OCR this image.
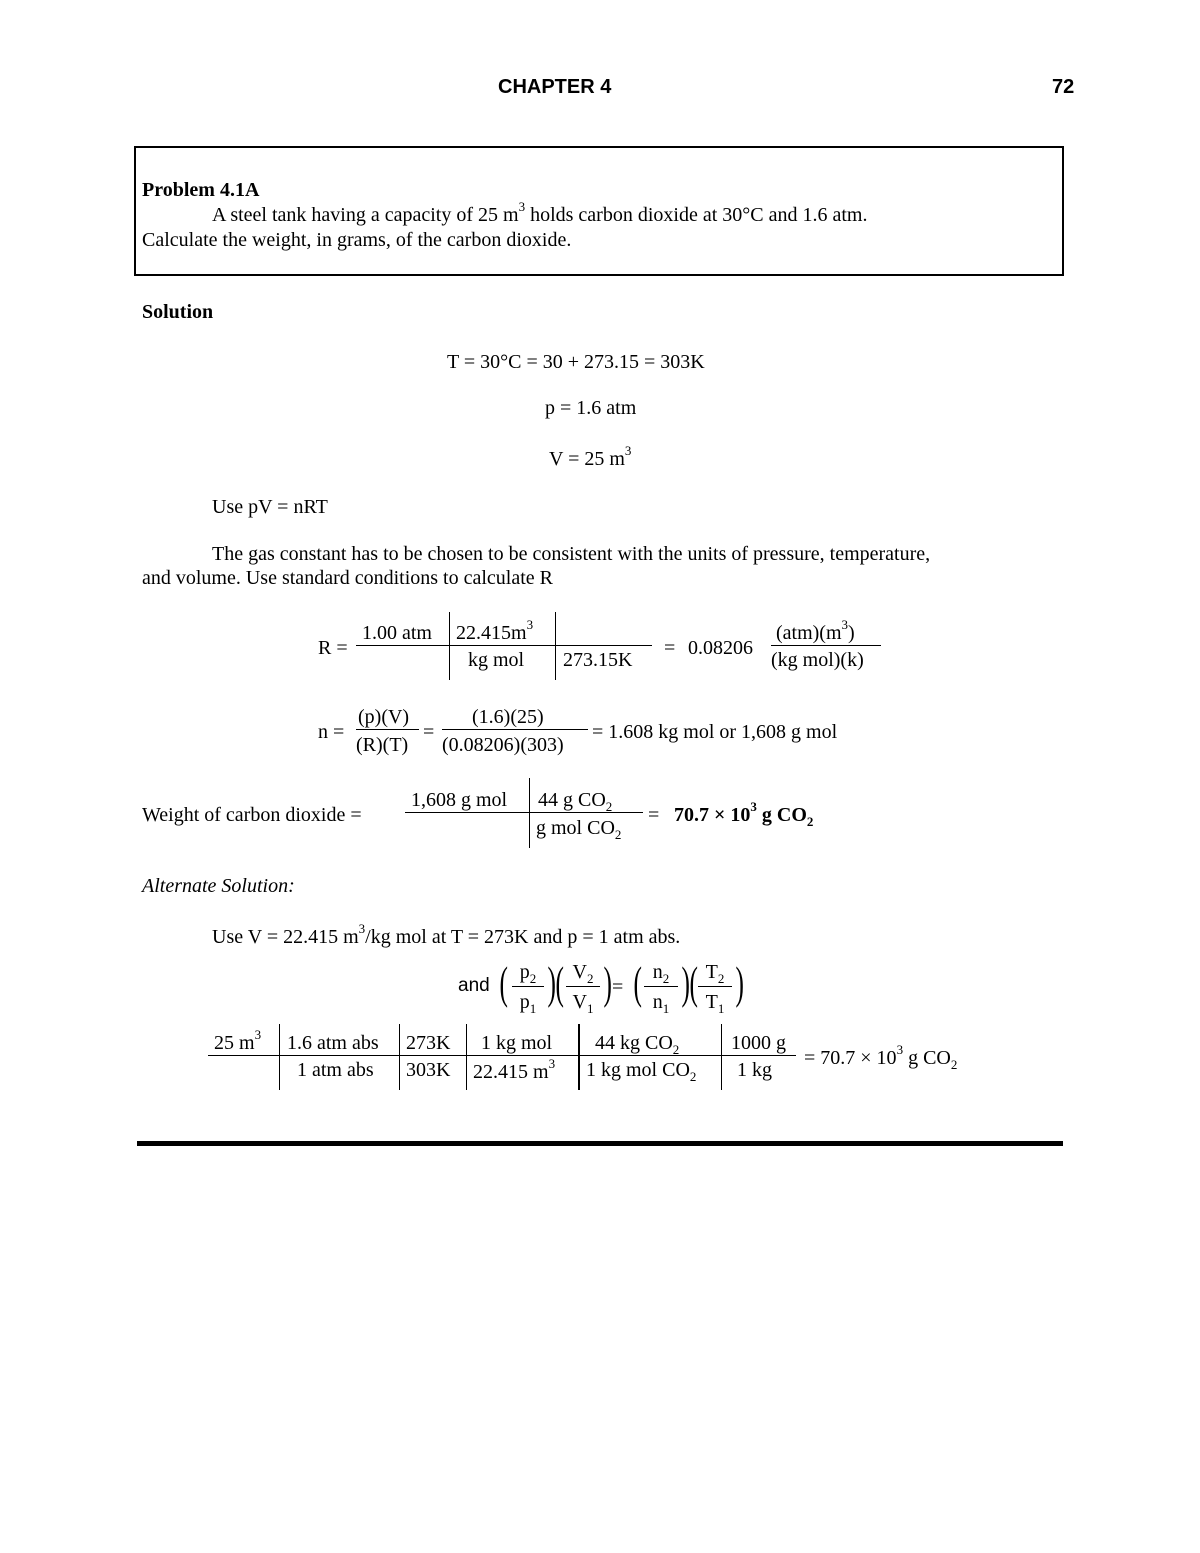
CHAPTER 4	72
Problem 4.1A
A steel tank having a capacity of 25 $m^3$ holds carbon dioxide at 30°C and 1.6 atm.
Calculate the weight, in grams, of the carbon dioxide.
Solution
T = 30°C = 30 + 273.15 = 303K
p = 1.6 atm
V = 25 $m^3$
Use pV = nRT
The gas constant has to be chosen to be consistent with the units of pressure, temperature,
and volume. Use standard conditions to calculate R
R =
1.00 atm $22.415m^3$
kg mol 273.15K
= 0.08206
$(atm)(m^3)$
(kg mol)(k)
n =
(p)(V)
(R)(T)
=
(1.6)(25)
(0.08206)(303)
= 1.608 kg mol or 1,608 g mol
Weight of carbon dioxide =
1,608 g mol 44 g $CO_2$
g mol $CO_2$
= $70.7 \times 10^3$ g $CO_2$
Alternate Solution:
Use V = 22.415 $m^3/kg$ mol at T = 273K and p = 1 atm abs.
and ( $p_2$
$p_1$
) ( $V_2$
$V_1$
) = ( $n_2$
$n_1$
) ( $T_2$
$T_1$
)
25 $m^3$ 1.6 atm abs
1 atm abs
273K
303K
1 kg mol
22.415 $m^3$
44 kg $CO_2$
1 kg mol $CO_2$
1000 g
1 kg
= $70.7 \times 10^3$ g $CO_2$
